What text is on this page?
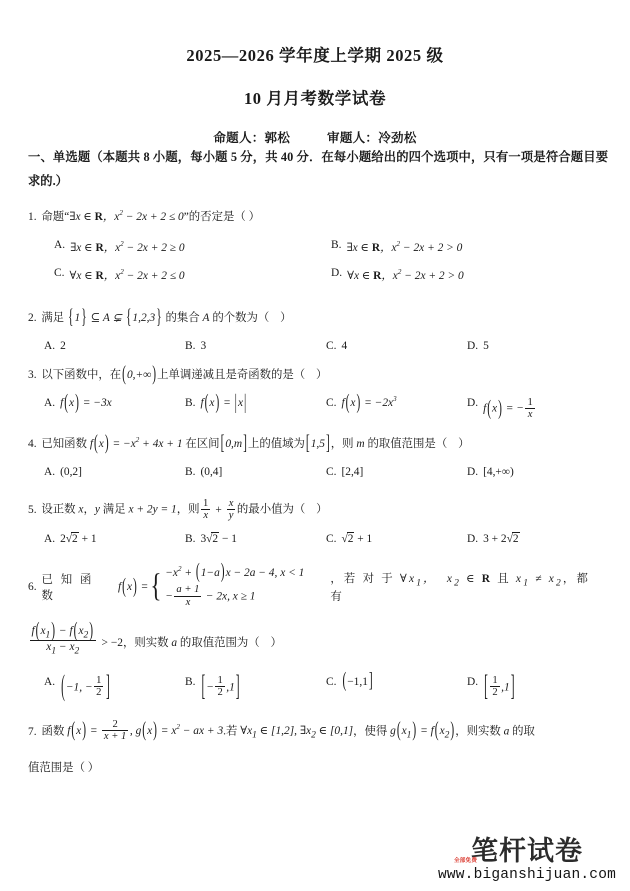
2025—2026 学年度上学期 2025 级
10 月月考数学试卷
命题人：郭松	审题人：冷劲松
一、单选题（本题共 8 小题，每小题 5 分，共 40 分．在每小题给出的四个选项中，只有一项是符合题目要求的.）
1. 命题“∃x ∈ R，$x^2 - 2x + 2 \le 0$”的否定是（ ）
A. ∃x ∈ R，$x^2 - 2x + 2 \ge 0$	B. ∃x ∈ R，$x^2 - 2x + 2 > 0$
C. ∀x ∈ R，$x^2 - 2x + 2 \le 0$	D. ∀x ∈ R，$x^2 - 2x + 2 > 0$
2. 满足 {1} ⊆ A ⊊ {1,2,3} 的集合 A 的个数为（ ）
A. 2	B. 3	C. 4	D. 5
3. 以下函数中，在(0,+∞)上单调递减且是奇函数的是（ ）
A. f(x) = −3x	B. f(x) = |x|	C. $f(x) = -2x^3$	D. f(x) = − $\frac{1}{x}$
4. 已知函数 $f(x) = -x^2 + 4x + 1$ 在区间[0,m]上的值域为[1,5]，则 m 的取值范围是（ ）
A. (0,2]	B. (0,4]	C. [2,4]	D. [4,+∞)
5. 设正数 x，y 满足 x + 2y = 1，则 $\frac{1}{x} + \frac{x}{y}$ 的最小值为（ ）
A. 2√2 + 1	B. 3√2 − 1	C. √2 + 1	D. 3 + 2√2
6.
已 知 函 数
f(x) = { $-x^2 + (1-a)x - 2a - 4$, x < 1
− $\frac{a + 1}{x} - 2x$, x ≥ 1
，若 对 于 $\forall x_1$，  $x_2$ ∈ R 且 $x_1 \ne x_2$，都 有
$\frac{f(x_1) - f(x_2)}{x_1 - x_2} > -2$，则实数 a 的取值范围为（ ）
A. (−1, − $\frac{1}{2}$ ]	B. [− $\frac{1}{2} ,1$]	C. (−1,1]	D. [ $\frac{1}{2} ,1$]
7. 函数 $f(x) = \frac{2}{x + 1}$ , $g(x) = x^2$ − ax + 3.若 $\forall x_1$ ∈ [1,2], $\exists x_2$ ∈ [0,1]，使得 $g(x_1) = f(x_2)$，则实数 a 的取
值范围是（ ）
笔杆试卷
www.biganshijuan.com
全部免费
